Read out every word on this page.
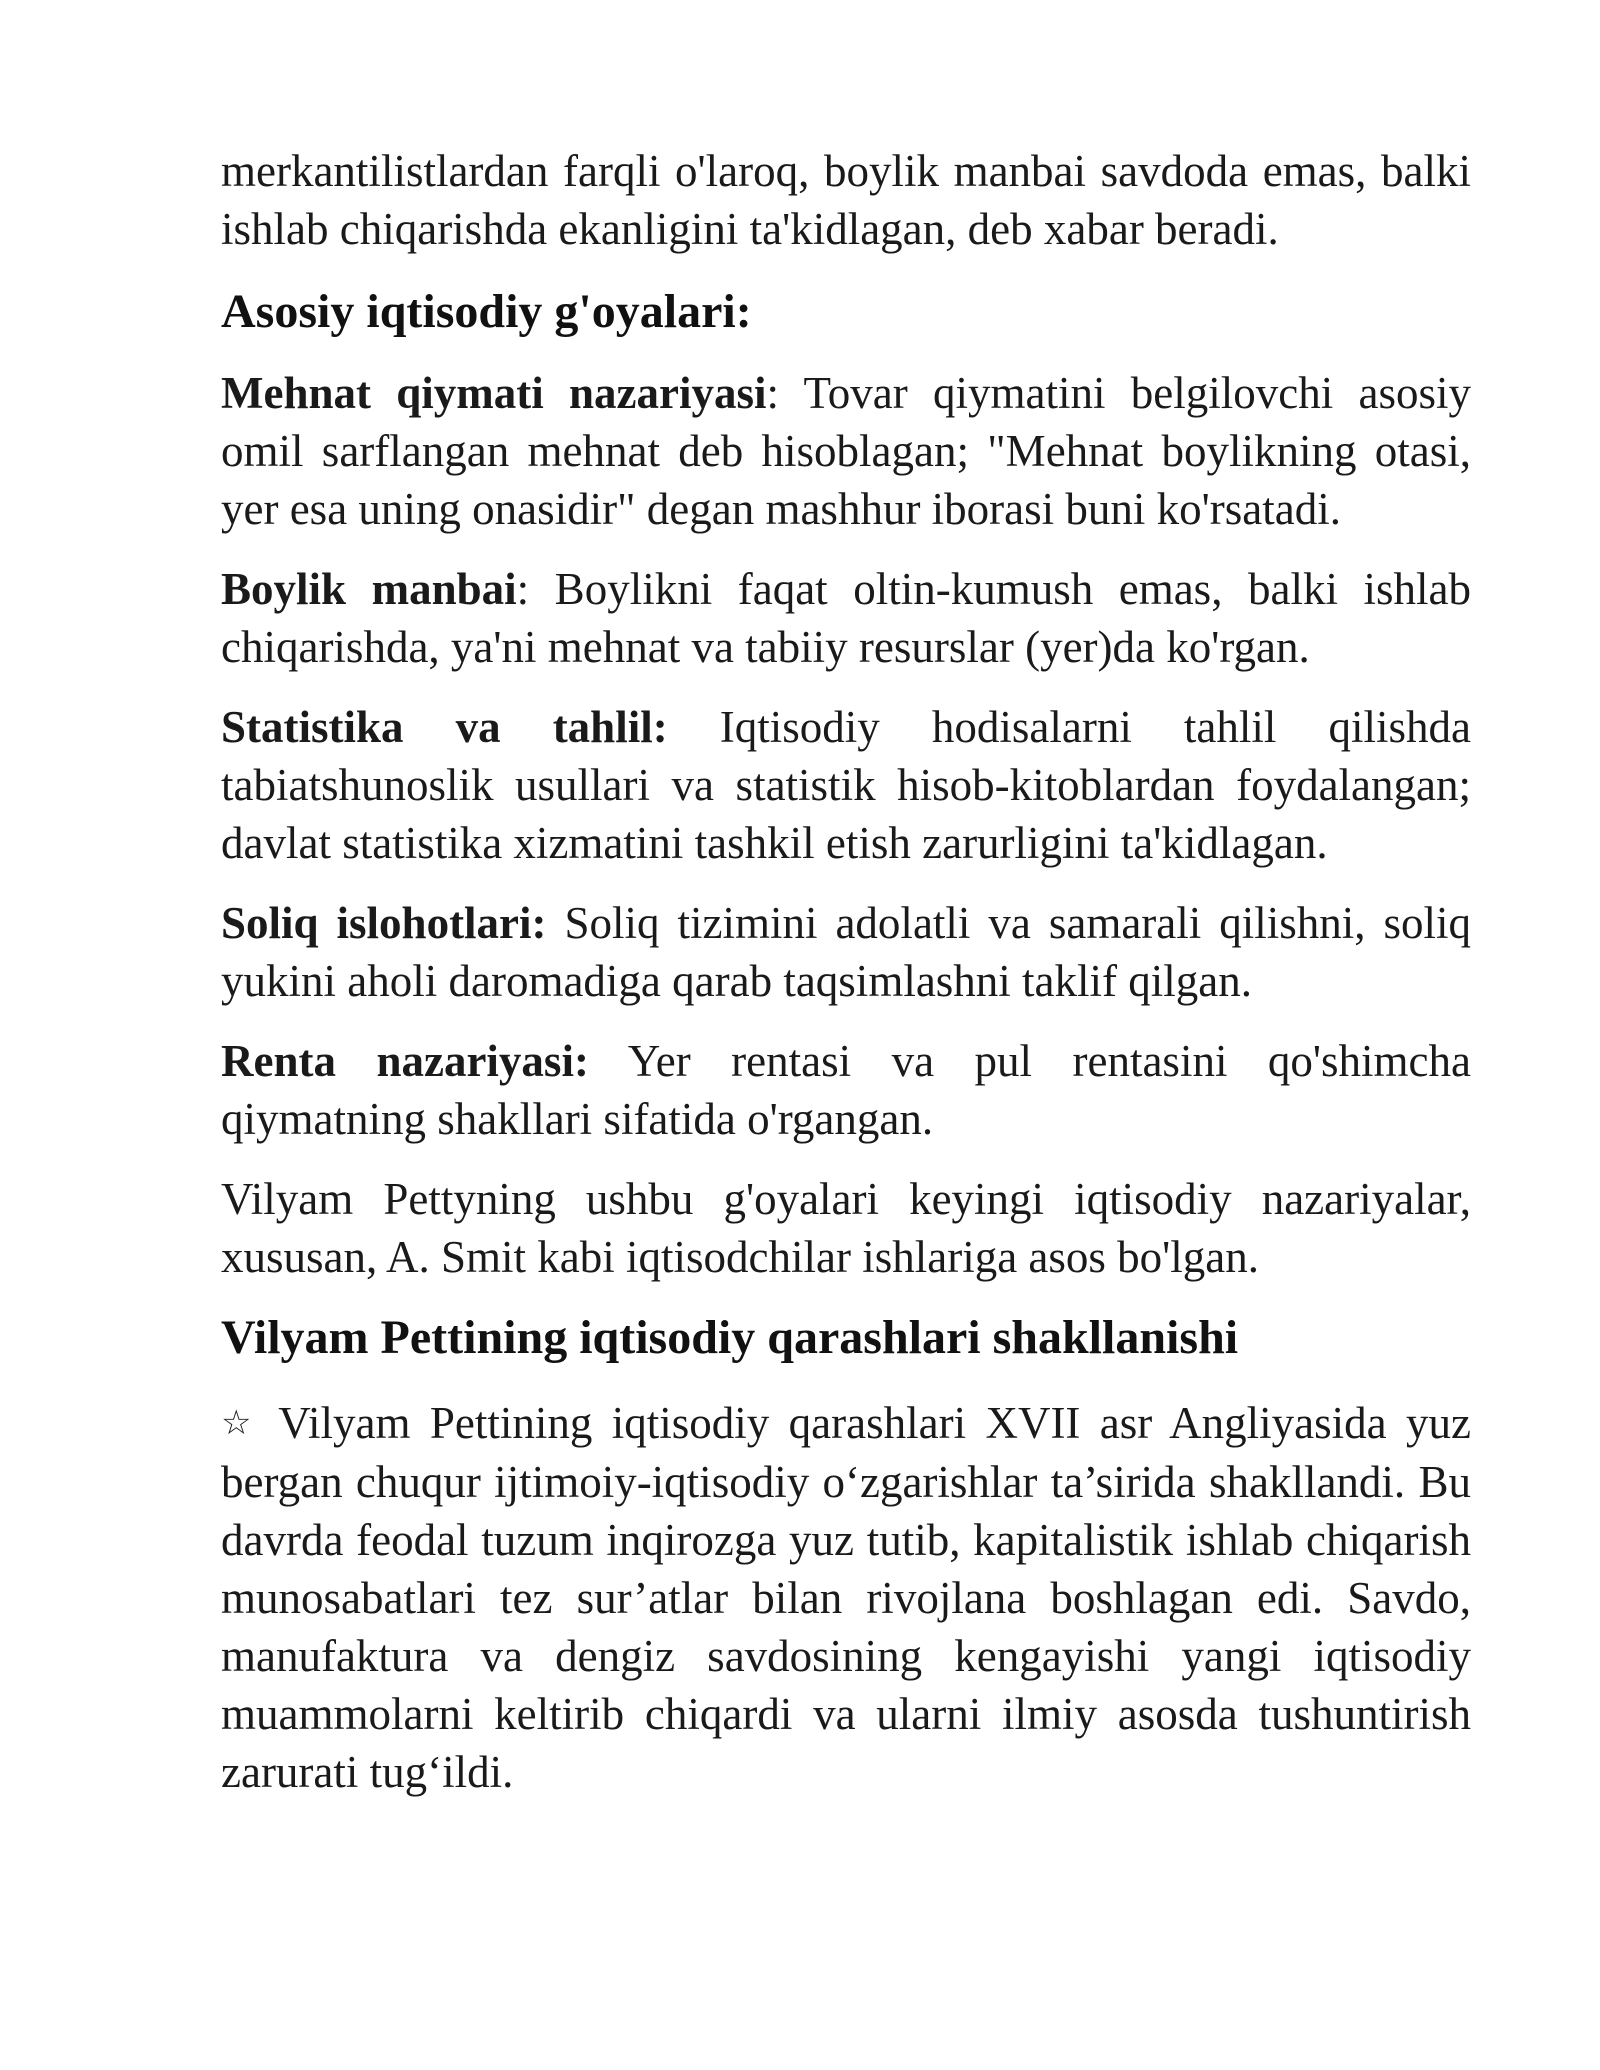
merkantilistlardan farqli o'laroq, boylik manbai savdoda emas, balki ishlab chiqarishda ekanligini ta'kidlagan, deb xabar beradi.

Asosiy iqtisodiy g'oyalari:

Mehnat qiymati nazariyasi: Tovar qiymatini belgilovchi asosiy omil sarflangan mehnat deb hisoblagan; "Mehnat boylikning otasi, yer esa uning onasidir" degan mashhur iborasi buni ko'rsatadi.

Boylik manbai: Boylikni faqat oltin-kumush emas, balki ishlab chiqarishda, ya'ni mehnat va tabiiy resurslar (yer)da ko'rgan.

Statistika va tahlil: Iqtisodiy hodisalarni tahlil qilishda tabiatshunoslik usullari va statistik hisob-kitoblardan foydalangan; davlat statistika xizmatini tashkil etish zarurligini ta'kidlagan.

Soliq islohotlari: Soliq tizimini adolatli va samarali qilishni, soliq yukini aholi daromadiga qarab taqsimlashni taklif qilgan.

Renta nazariyasi: Yer rentasi va pul rentasini qo'shimcha qiymatning shakllari sifatida o'rgangan.

Vilyam Pettyning ushbu g'oyalari keyingi iqtisodiy nazariyalar, xususan, A. Smit kabi iqtisodchilar ishlariga asos bo'lgan.

Vilyam Pettining iqtisodiy qarashlari shakllanishi

☆ Vilyam Pettining iqtisodiy qarashlari XVII asr Angliyasida yuz bergan chuqur ijtimoiy-iqtisodiy o‘zgarishlar ta’sirida shakllandi. Bu davrda feodal tuzum inqirozga yuz tutib, kapitalistik ishlab chiqarish munosabatlari tez sur’atlar bilan rivojlana boshlagan edi. Savdo, manufaktura va dengiz savdosining kengayishi yangi iqtisodiy muammolarni keltirib chiqardi va ularni ilmiy asosda tushuntirish zarurati tug‘ildi.
